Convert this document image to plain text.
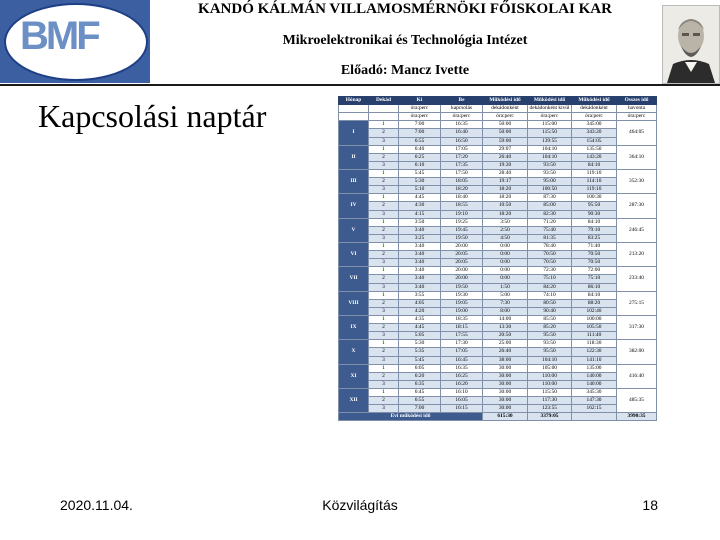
BMF
BUDAPESTI MŰSZAKI FŐISKOLA
KANDÓ KÁLMÁN VILLAMOSMÉRNÖKI FŐISKOLAI KAR
Mikroelektronikai és Technológia Intézet
Előadó: Mancz Ivette
Kapcsolási naptár	Hónap	Dekád	Ki	Be	Működési idő	Működési idő	Működési idő	Összes idő
		óra:perc	kapcsolás	dekádonként	dekádonként kivül	dekádonként	havonta
		óra:perc	óra:perc	óra:perc	óra:perc	óra:perc	óra:perc
I	1	7:00	16:35	50:00	115:00	345:00	464:05
	2	7:00	16:40	50:00	115:50	343:20	
	3	6:55	16:50	59:00	139:55	154:05	
II	1	6:40	17:05	29:07	104:10	135:50	364:10
	2	6:25	17:20	26:40	104:10	143:20	
	3	6:10	17:35	19:30	93:50	84:10	
III	1	5:45	17:50	28:40	93:50	119:10	352:30
	2	5:30	18:05	19:17	95:00	114:10	
	3	5:10	18:20	18:20	100:50	119:10	
IV	1	4:45	18:40	18:20	87:30	100:30	287:30
	2	4:30	18:55	10:50	85:00	95:50	
	3	4:15	19:10	18:20	82:30	90:30	
V	1	3:50	19:25	3:50	71:20	84:10	246:45
	2	3:40	19:45	2:50	75:40	79:10	
	3	3:25	19:50	4:50	81:35	83:25	
VI	1	3:40	20:00	0:00	78:40	71:40	213:20
	2	3:40	20:05	0:00	70:50	70:50	
	3	3:40	20:05	0:00	70:50	70:50	
VII	1	3:40	20:00	0:00	72:30	72:00	233:40
	2	3:40	20:00	0:00	75:10	75:10	
	3	3:40	19:50	1:50	84:20	86:10	
VIII	1	3:55	19:30	5:00	74:10	84:10	275:15
	2	4:05	19:05	7:30	80:50	88:20	
	3	4:20	19:00	8:00	90:40	102:40	
IX	1	4:35	18:35	14:00	85:50	100:00	317:30
	2	4:45	18:15	13:30	85:20	105:50	
	3	5:05	17:55	20:50	95:50	111:40	
X	1	5:30	17:30	25:00	93:50	118:30	382:00
	2	5:35	17:05	26:40	95:50	122:30	
	3	5:45	16:45	38:00	104:10	141:10	
XI	1	6:05	16:35	30:00	105:00	135:00	416:40
	2	6:20	16:25	30:00	110:00	140:00	
	3	6:35	16:20	30:00	110:00	140:00	
XII	1	6:45	16:10	30:00	115:50	345:30	485:35
	2	6:55	16:05	30:00	117:30	147:30	
	3	7:00	16:15	30:00	123:55	162:15	
Évi működési idő				615:30	3379:05		3990:35
2020.11.04.	Közvilágítás	18
